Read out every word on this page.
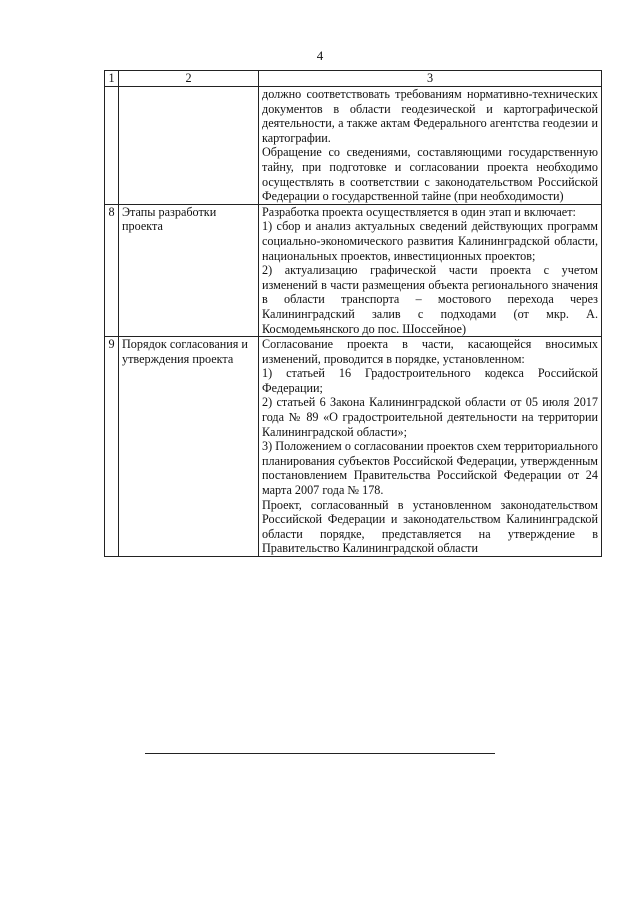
4
1	2	3

		должно соответствовать требованиям нормативно-технических документов в области геодезической и картографической деятельности, а также актам Федерального агентства геодезии и картографии.

Обращение со сведениями, составляющими государственную тайну, при подготовке и согласовании проекта необходимо осуществлять в соответствии с законодательством Российской Федерации о государственной тайне (при необходимости)

8	Этапы разработки проекта	Разработка проекта осуществляется в один этап и включает:

1) сбор и анализ актуальных сведений действующих программ социально-экономического развития Калининградской области, национальных проектов, инвестиционных проектов;

2) актуализацию графической части проекта с учетом изменений в части размещения объекта регионального значения в области транспорта – мостового перехода через Калининградский залив с подходами (от мкр. А. Космодемьянского до пос. Шоссейное)

9	Порядок согласования и утверждения проекта	Согласование проекта в части, касающейся вносимых изменений, проводится в порядке, установленном:

1) статьей 16 Градостроительного кодекса Российской Федерации;

2) статьей 6 Закона Калининградской области от 05 июля 2017 года № 89 «О градостроительной деятельности на территории Калининградской области»;

3) Положением о согласовании проектов схем территориального планирования субъектов Российской Федерации, утвержденным постановлением Правительства Российской Федерации от 24 марта 2007 года № 178.

Проект, согласованный в установленном законодательством Российской Федерации и законодательством Калининградской области порядке, представляется на утверждение в Правительство Калининградской области
